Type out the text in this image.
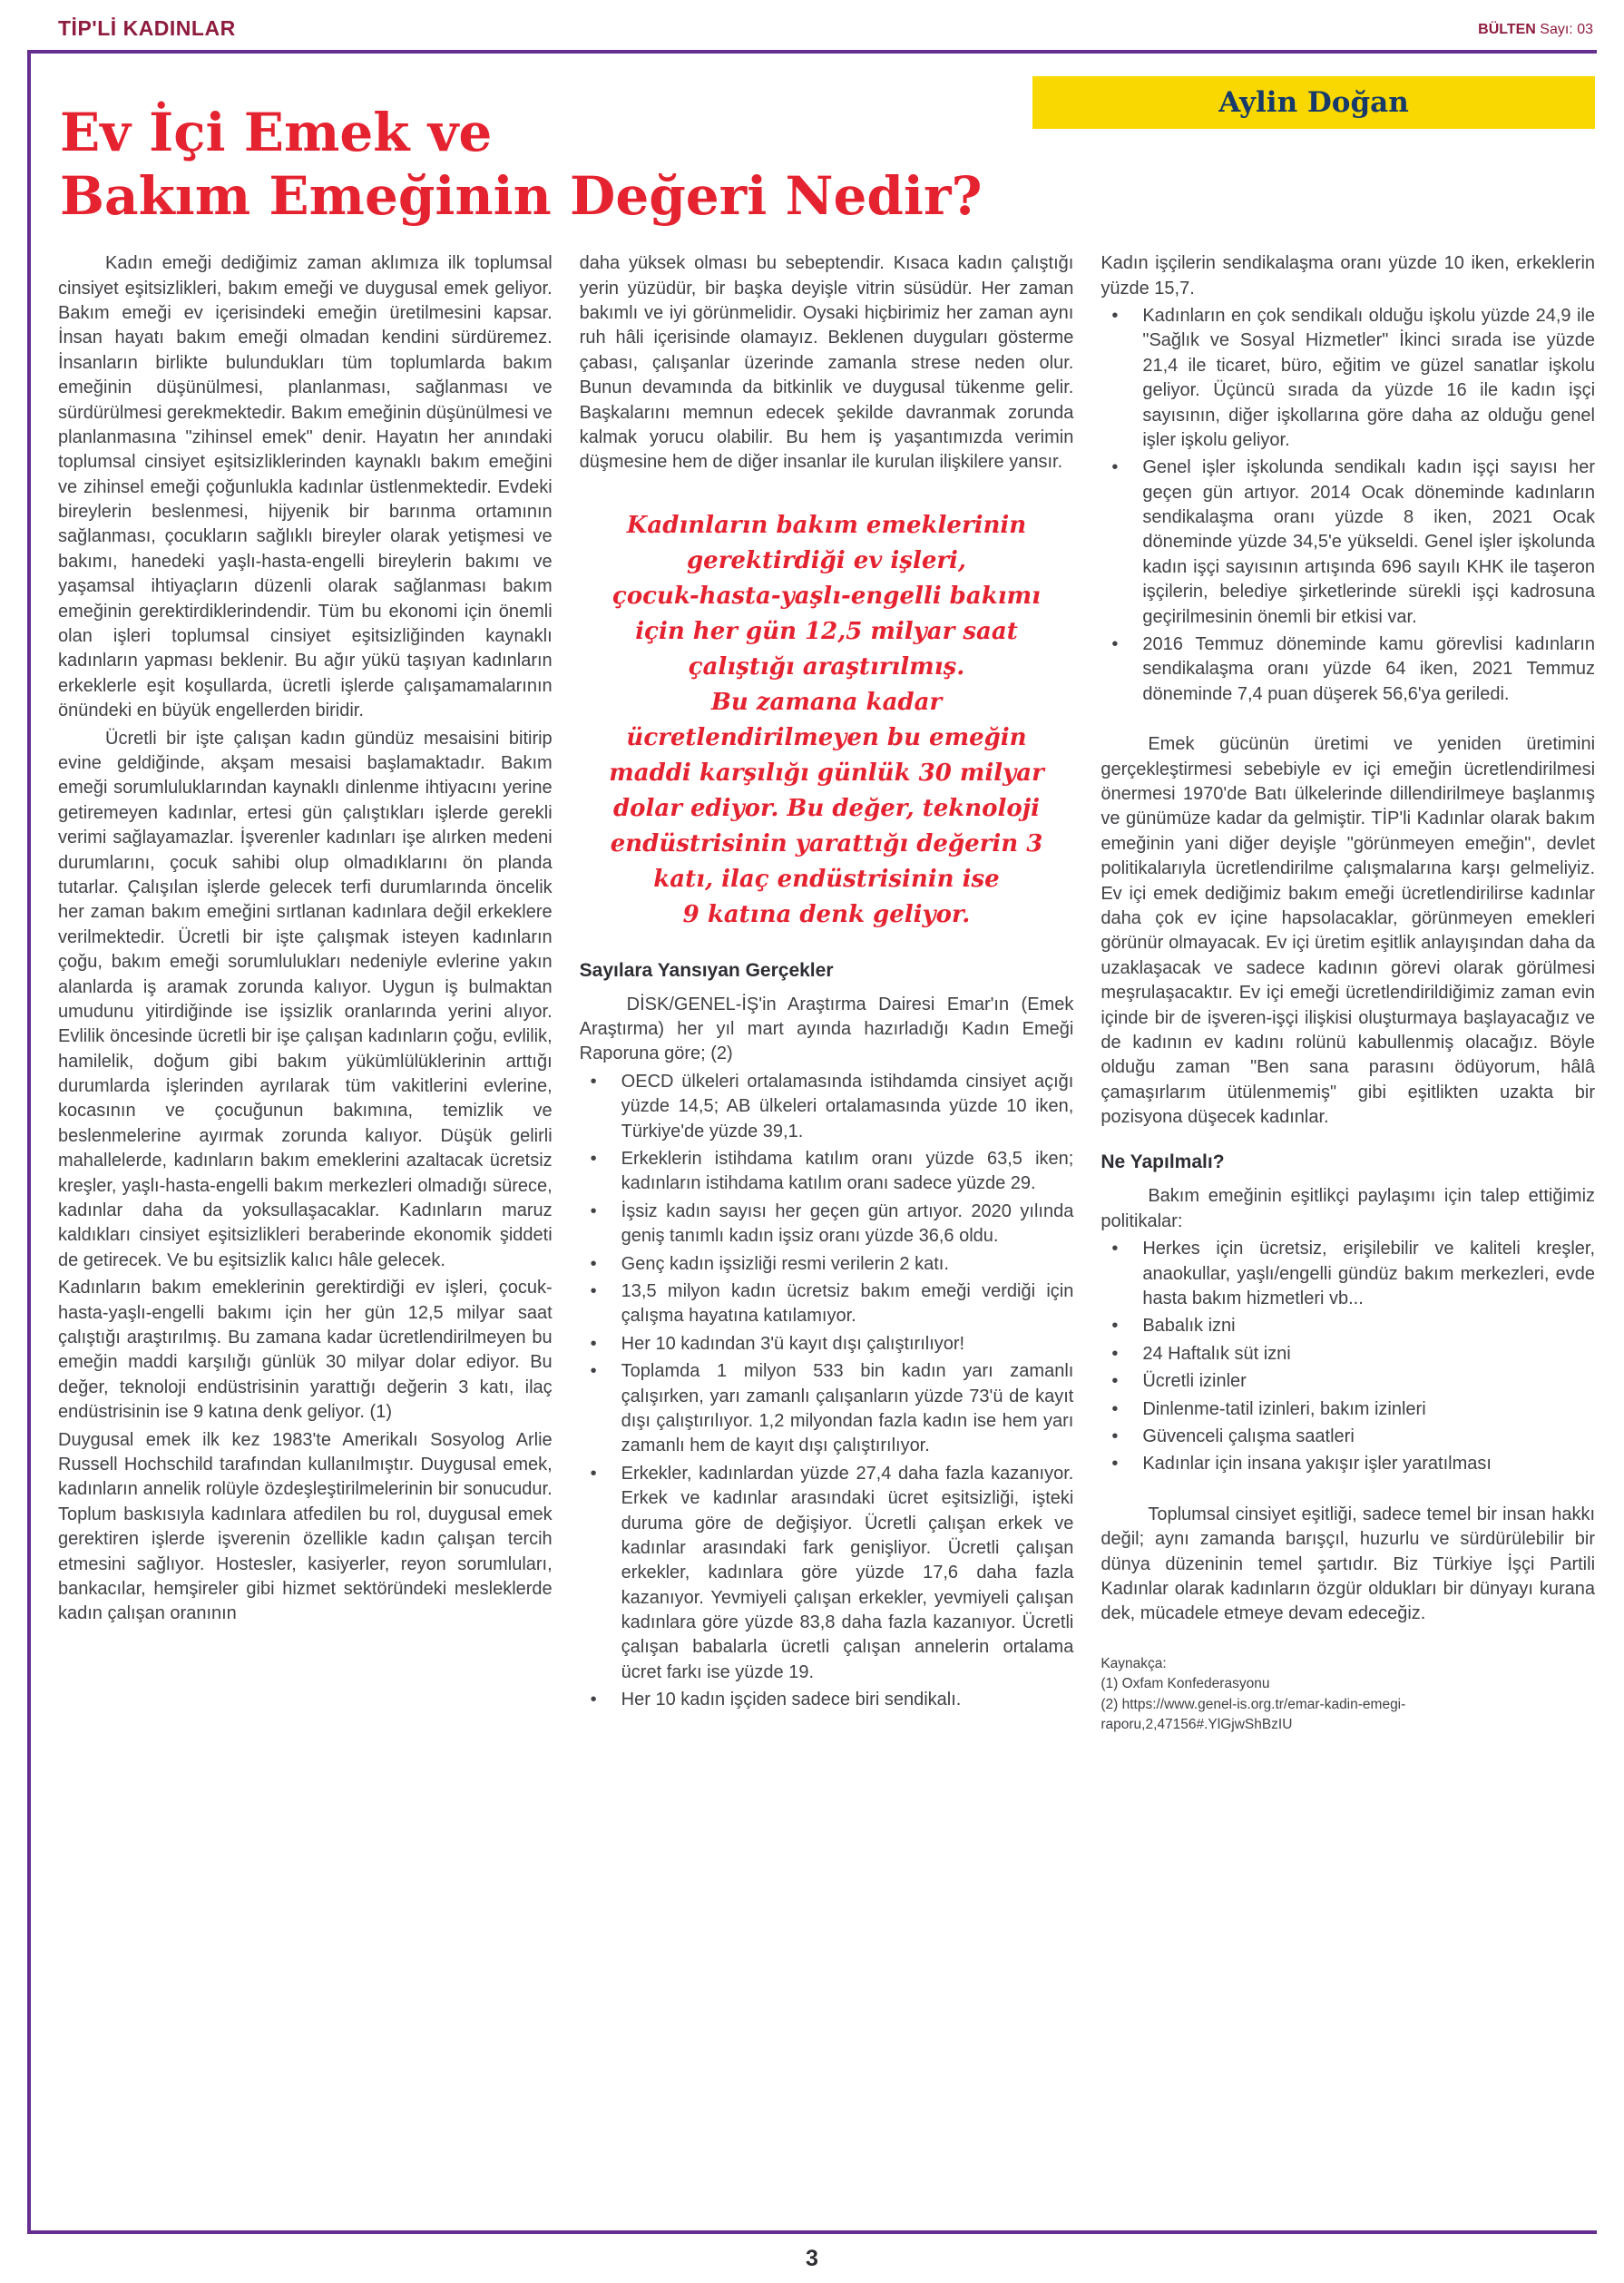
TİP'Lİ KADINLAR	BÜLTEN Sayı: 03
Aylin Doğan
Ev İçi Emek ve
Bakım Emeğinin Değeri Nedir?

Kadın emeği dediğimiz zaman aklımıza ilk toplumsal cinsiyet eşitsizlikleri, bakım emeği ve duygusal emek geliyor. Bakım emeği ev içerisindeki emeğin üretilmesini kapsar. İnsan hayatı bakım emeği olmadan kendini sürdüremez. İnsanların birlikte bulundukları tüm toplumlarda bakım emeğinin düşünülmesi, planlanması, sağlanması ve sürdürülmesi gerekmektedir. Bakım emeğinin düşünülmesi ve planlanmasına "zihinsel emek" denir. Hayatın her anındaki toplumsal cinsiyet eşitsizliklerinden kaynaklı bakım emeğini ve zihinsel emeği çoğunlukla kadınlar üstlenmektedir. Evdeki bireylerin beslenmesi, hijyenik bir barınma ortamının sağlanması, çocukların sağlıklı bireyler olarak yetişmesi ve bakımı, hanedeki yaşlı-hasta-engelli bireylerin bakımı ve yaşamsal ihtiyaçların düzenli olarak sağlanması bakım emeğinin gerektirdiklerindendir. Tüm bu ekonomi için önemli olan işleri toplumsal cinsiyet eşitsizliğinden kaynaklı kadınların yapması beklenir. Bu ağır yükü taşıyan kadınların erkeklerle eşit koşullarda, ücretli işlerde çalışamamalarının önündeki en büyük engellerden biridir.

Ücretli bir işte çalışan kadın gündüz mesaisini bitirip evine geldiğinde, akşam mesaisi başlamaktadır. Bakım emeği sorumluluklarından kaynaklı dinlenme ihtiyacını yerine getiremeyen kadınlar, ertesi gün çalıştıkları işlerde gerekli verimi sağlayamazlar. İşverenler kadınları işe alırken medeni durumlarını, çocuk sahibi olup olmadıklarını ön planda tutarlar. Çalışılan işlerde gelecek terfi durumlarında öncelik her zaman bakım emeğini sırtlanan kadınlara değil erkeklere verilmektedir. Ücretli bir işte çalışmak isteyen kadınların çoğu, bakım emeği sorumlulukları nedeniyle evlerine yakın alanlarda iş aramak zorunda kalıyor. Uygun iş bulmaktan umudunu yitirdiğinde ise işsizlik oranlarında yerini alıyor. Evlilik öncesinde ücretli bir işe çalışan kadınların çoğu, evlilik, hamilelik, doğum gibi bakım yükümlülüklerinin arttığı durumlarda işlerinden ayrılarak tüm vakitlerini evlerine, kocasının ve çocuğunun bakımına, temizlik ve beslenmelerine ayırmak zorunda kalıyor. Düşük gelirli mahallelerde, kadınların bakım emeklerini azaltacak ücretsiz kreşler, yaşlı-hasta-engelli bakım merkezleri olmadığı sürece, kadınlar daha da yoksullaşacaklar. Kadınların maruz kaldıkları cinsiyet eşitsizlikleri beraberinde ekonomik şiddeti de getirecek. Ve bu eşitsizlik kalıcı hâle gelecek.

Kadınların bakım emeklerinin gerektirdiği ev işleri, çocuk-hasta-yaşlı-engelli bakımı için her gün 12,5 milyar saat çalıştığı araştırılmış. Bu zamana kadar ücretlendirilmeyen bu emeğin maddi karşılığı günlük 30 milyar dolar ediyor. Bu değer, teknoloji endüstrisinin yarattığı değerin 3 katı, ilaç endüstrisinin ise 9 katına denk geliyor. (1)

Duygusal emek ilk kez 1983'te Amerikalı Sosyolog Arlie Russell Hochschild tarafından kullanılmıştır. Duygusal emek, kadınların annelik rolüyle özdeşleştirilmelerinin bir sonucudur. Toplum baskısıyla kadınlara atfedilen bu rol, duygusal emek gerektiren işlerde işverenin özellikle kadın çalışan tercih etmesini sağlıyor. Hostesler, kasiyerler, reyon sorumluları, bankacılar, hemşireler gibi hizmet sektöründeki mesleklerde kadın çalışan oranının

daha yüksek olması bu sebeptendir. Kısaca kadın çalıştığı yerin yüzüdür, bir başka deyişle vitrin süsüdür. Her zaman bakımlı ve iyi görünmelidir. Oysaki hiçbirimiz her zaman aynı ruh hâli içerisinde olamayız. Beklenen duyguları gösterme çabası, çalışanlar üzerinde zamanla strese neden olur. Bunun devamında da bitkinlik ve duygusal tükenme gelir. Başkalarını memnun edecek şekilde davranmak zorunda kalmak yorucu olabilir. Bu hem iş yaşantımızda verimin düşmesine hem de diğer insanlar ile kurulan ilişkilere yansır.

Kadınların bakım emeklerinin
gerektirdiği ev işleri,
çocuk-hasta-yaşlı-engelli bakımı
için her gün 12,5 milyar saat
çalıştığı araştırılmış.
Bu zamana kadar
ücretlendirilmeyen bu emeğin
maddi karşılığı günlük 30 milyar
dolar ediyor. Bu değer, teknoloji
endüstrisinin yarattığı değerin 3
katı, ilaç endüstrisinin ise
9 katına denk geliyor.
Sayılara Yansıyan Gerçekler

DİSK/GENEL-İŞ'in Araştırma Dairesi Emar'ın (Emek Araştırma) her yıl mart ayında hazırladığı Kadın Emeği Raporuna göre; (2)

• OECD ülkeleri ortalamasında istihdamda cinsiyet açığı yüzde 14,5; AB ülkeleri ortalamasında yüzde 10 iken, Türkiye'de yüzde 39,1.
• Erkeklerin istihdama katılım oranı yüzde 63,5 iken; kadınların istihdama katılım oranı sadece yüzde 29.
• İşsiz kadın sayısı her geçen gün artıyor. 2020 yılında geniş tanımlı kadın işsiz oranı yüzde 36,6 oldu.
• Genç kadın işsizliği resmi verilerin 2 katı.
• 13,5 milyon kadın ücretsiz bakım emeği verdiği için çalışma hayatına katılamıyor.
• Her 10 kadından 3'ü kayıt dışı çalıştırılıyor!
• Toplamda 1 milyon 533 bin kadın yarı zamanlı çalışırken, yarı zamanlı çalışanların yüzde 73'ü de kayıt dışı çalıştırılıyor. 1,2 milyondan fazla kadın ise hem yarı zamanlı hem de kayıt dışı çalıştırılıyor.
• Erkekler, kadınlardan yüzde 27,4 daha fazla kazanıyor. Erkek ve kadınlar arasındaki ücret eşitsizliği, işteki duruma göre de değişiyor. Ücretli çalışan erkek ve kadınlar arasındaki fark genişliyor. Ücretli çalışan erkekler, kadınlara göre yüzde 17,6 daha fazla kazanıyor. Yevmiyeli çalışan erkekler, yevmiyeli çalışan kadınlara göre yüzde 83,8 daha fazla kazanıyor. Ücretli çalışan babalarla ücretli çalışan annelerin ortalama ücret farkı ise yüzde 19.
• Her 10 kadın işçiden sadece biri sendikalı.

Kadın işçilerin sendikalaşma oranı yüzde 10 iken, erkeklerin yüzde 15,7.

• Kadınların en çok sendikalı olduğu işkolu yüzde 24,9 ile "Sağlık ve Sosyal Hizmetler" İkinci sırada ise yüzde 21,4 ile ticaret, büro, eğitim ve güzel sanatlar işkolu geliyor. Üçüncü sırada da yüzde 16 ile kadın işçi sayısının, diğer işkollarına göre daha az olduğu genel işler işkolu geliyor.
• Genel işler işkolunda sendikalı kadın işçi sayısı her geçen gün artıyor. 2014 Ocak döneminde kadınların sendikalaşma oranı yüzde 8 iken, 2021 Ocak döneminde yüzde 34,5'e yükseldi. Genel işler işkolunda kadın işçi sayısının artışında 696 sayılı KHK ile taşeron işçilerin, belediye şirketlerinde sürekli işçi kadrosuna geçirilmesinin önemli bir etkisi var.
• 2016 Temmuz döneminde kamu görevlisi kadınların sendikalaşma oranı yüzde 64 iken, 2021 Temmuz döneminde 7,4 puan düşerek 56,6'ya geriledi.

Emek gücünün üretimi ve yeniden üretimini gerçekleştirmesi sebebiyle ev içi emeğin ücretlendirilmesi önermesi 1970'de Batı ülkelerinde dillendirilmeye başlanmış ve günümüze kadar da gelmiştir. TİP'li Kadınlar olarak bakım emeğinin yani diğer deyişle "görünmeyen emeğin", devlet politikalarıyla ücretlendirilme çalışmalarına karşı gelmeliyiz. Ev içi emek dediğimiz bakım emeği ücretlendirilirse kadınlar daha çok ev içine hapsolacaklar, görünmeyen emekleri görünür olmayacak. Ev içi üretim eşitlik anlayışından daha da uzaklaşacak ve sadece kadının görevi olarak görülmesi meşrulaşacaktır. Ev içi emeği ücretlendirildiğimiz zaman evin içinde bir de işveren-işçi ilişkisi oluşturmaya başlayacağız ve de kadının ev kadını rolünü kabullenmiş olacağız. Böyle olduğu zaman "Ben sana parasını ödüyorum, hâlâ çamaşırlarım ütülenmemiş" gibi eşitlikten uzakta bir pozisyona düşecek kadınlar.

Ne Yapılmalı?

Bakım emeğinin eşitlikçi paylaşımı için talep ettiğimiz politikalar:

• Herkes için ücretsiz, erişilebilir ve kaliteli kreşler, anaokullar, yaşlı/engelli gündüz bakım merkezleri, evde hasta bakım hizmetleri vb...
• Babalık izni
• 24 Haftalık süt izni
• Ücretli izinler
• Dinlenme-tatil izinleri, bakım izinleri
• Güvenceli çalışma saatleri
• Kadınlar için insana yakışır işler yaratılması

Toplumsal cinsiyet eşitliği, sadece temel bir insan hakkı değil; aynı zamanda barışçıl, huzurlu ve sürdürülebilir bir dünya düzeninin temel şartıdır. Biz Türkiye İşçi Partili Kadınlar olarak kadınların özgür oldukları bir dünyayı kurana dek, mücadele etmeye devam edeceğiz.

Kaynakça:
(1) Oxfam Konfederasyonu
(2) https://www.genel-is.org.tr/emar-kadin-emegi-raporu,2,47156#.YlGjwShBzIU
3
